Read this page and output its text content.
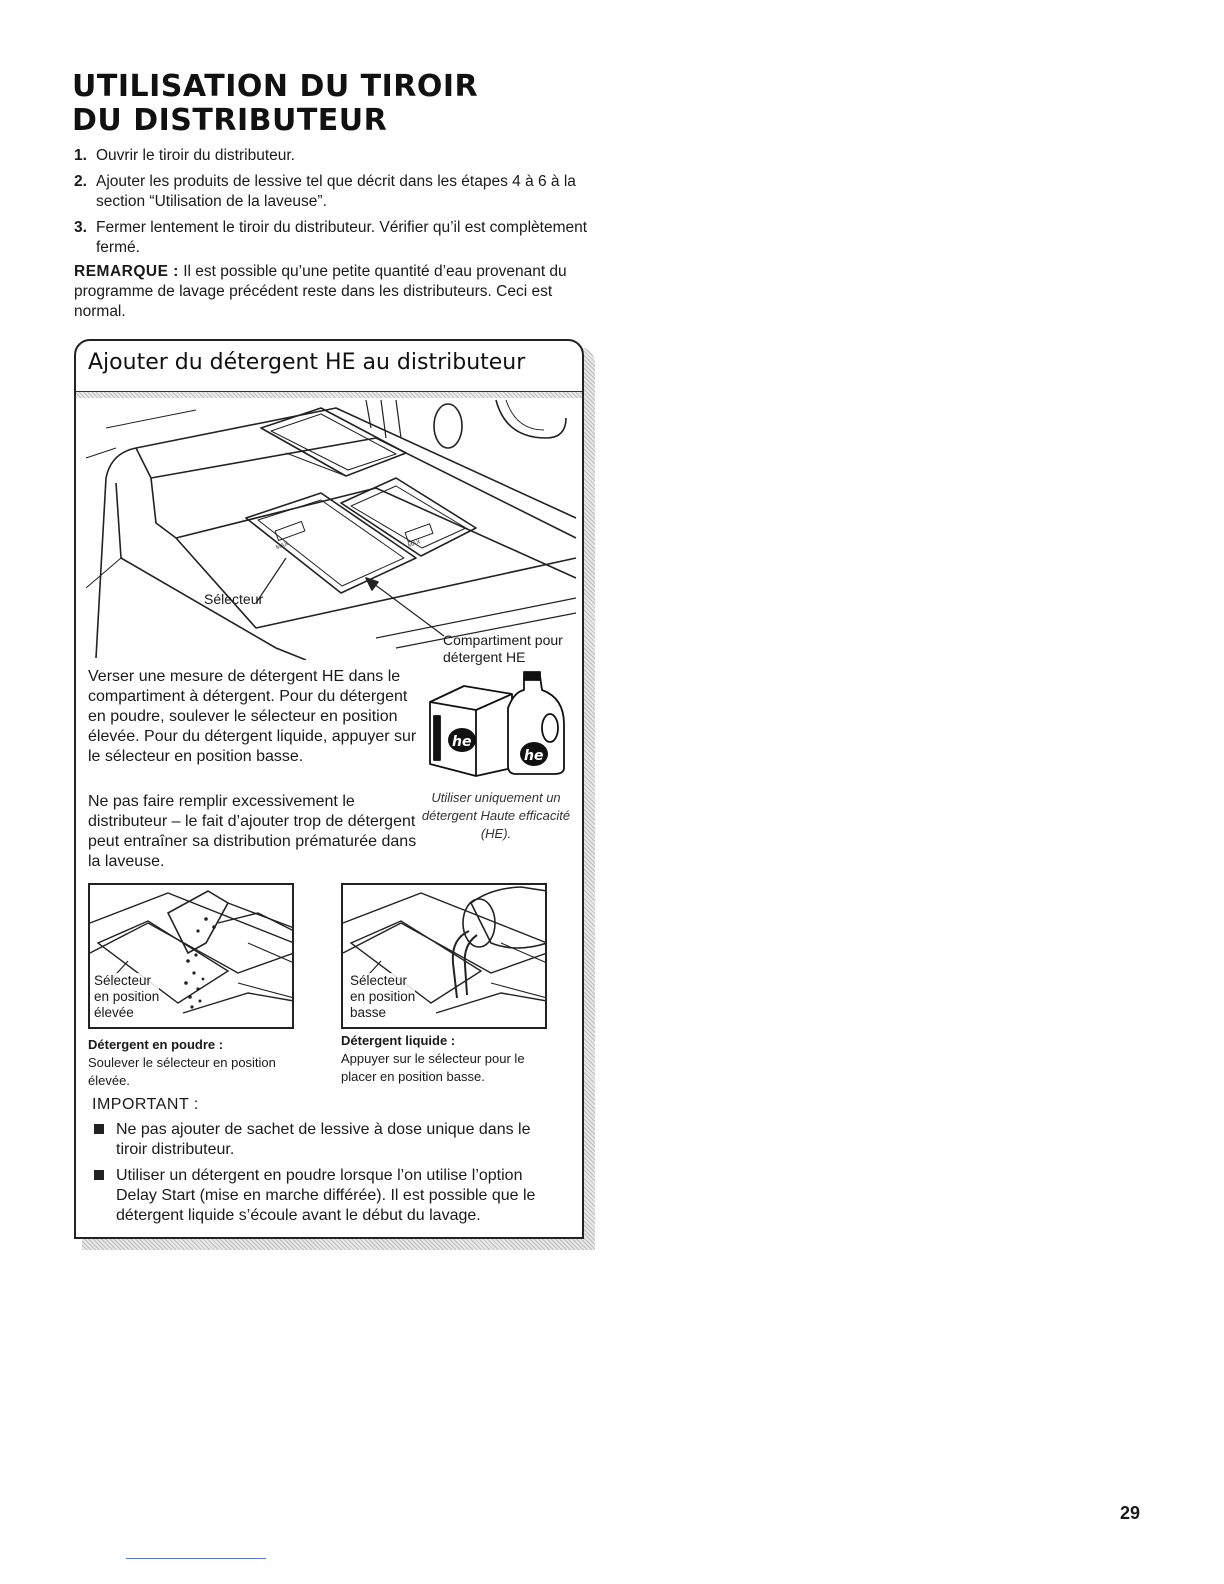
UTILISATION DU TIROIR
DU DISTRIBUTEUR
1. Ouvrir le tiroir du distributeur.
2. Ajouter les produits de lessive tel que décrit dans les étapes 4 à 6 à la section “Utilisation de la laveuse”.
3. Fermer lentement le tiroir du distributeur. Vérifier qu’il est complètement fermé.
REMARQUE : Il est possible qu’une petite quantité d’eau provenant du programme de lavage précédent reste dans les distributeurs. Ceci est normal.
Ajouter du détergent HE au distributeur
MAX	MAX
Sélecteur
Compartiment pour détergent HE
Verser une mesure de détergent HE dans le compartiment à détergent. Pour du détergent en poudre, soulever le sélecteur en position élevée. Pour du détergent liquide, appuyer sur le sélecteur en position basse.
Ne pas faire remplir excessivement le distributeur – le fait d’ajouter trop de détergent peut entraîner sa distribution prématurée dans la laveuse.
he
he
Utiliser uniquement un détergent Haute efficacité (HE).
Sélecteur
en position
élevée
Détergent en poudre :
Soulever le sélecteur en position élevée.
Sélecteur
en position
basse
Détergent liquide :
Appuyer sur le sélecteur pour le placer en position basse.
IMPORTANT :
Ne pas ajouter de sachet de lessive à dose unique dans le tiroir distributeur.
Utiliser un détergent en poudre lorsque l’on utilise l’option Delay Start (mise en marche différée). Il est possible que le détergent liquide s’écoule avant le début du lavage.
29
